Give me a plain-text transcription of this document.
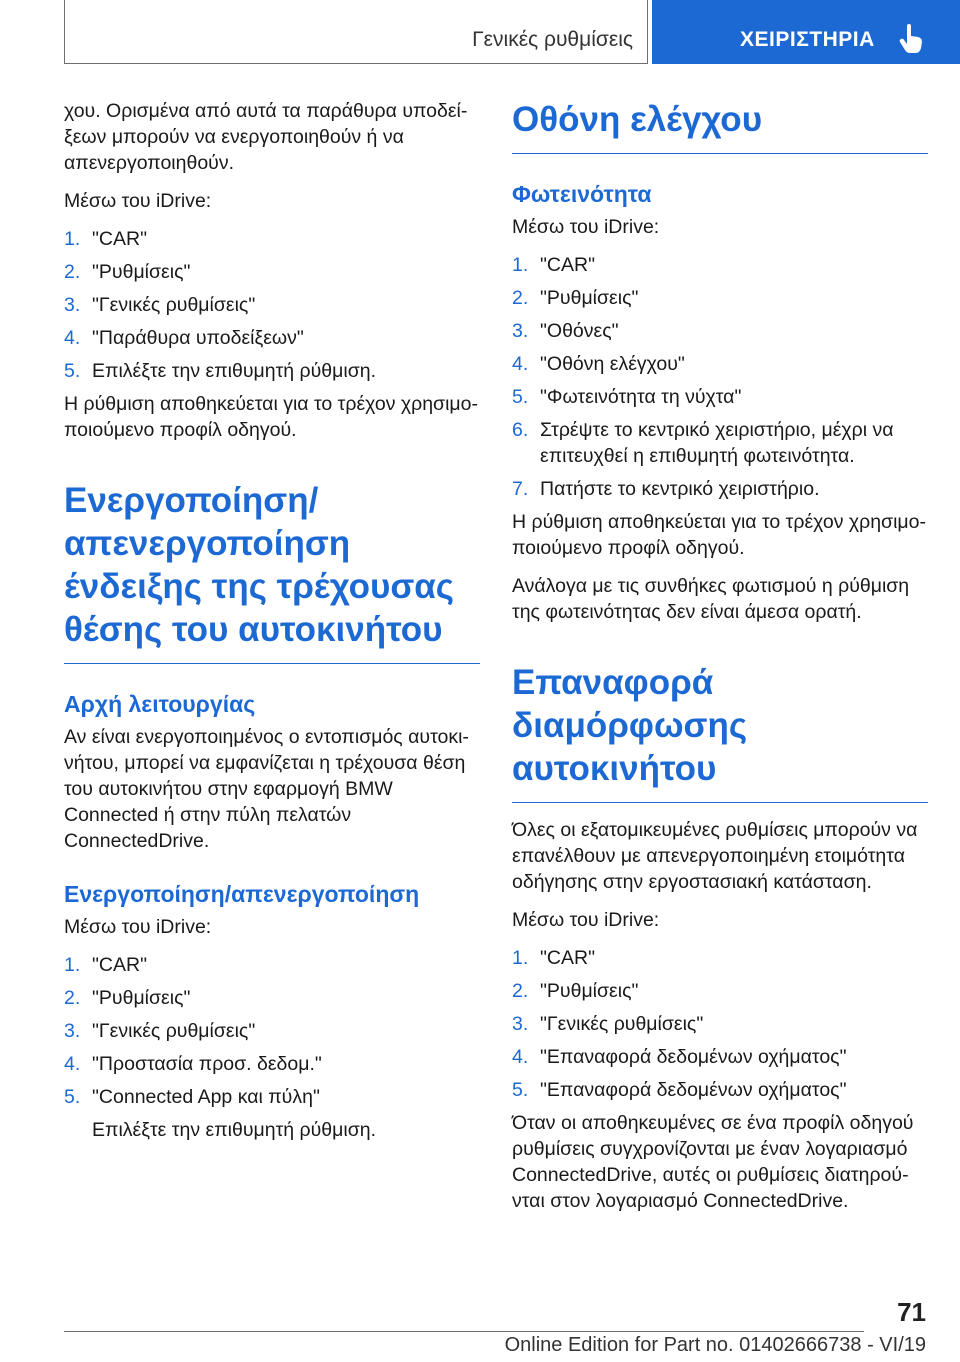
Γενικές ρυθμίσεις	ΧΕΙΡΙΣΤΗΡΙΑ

χου. Ορισμένα από αυτά τα παράθυρα υποδείξεων μπορούν να ενεργοποιηθούν ή να απενεργοποιηθούν.

Μέσω του iDrive:

1. "CAR"
2. "Ρυθμίσεις"
3. "Γενικές ρυθμίσεις"
4. "Παράθυρα υποδείξεων"
5. Επιλέξτε την επιθυμητή ρύθμιση.

Η ρύθμιση αποθηκεύεται για το τρέχον χρησιμοποιούμενο προφίλ οδηγού.

Ενεργοποίηση/ απενεργοποίηση ένδειξης της τρέχουσας θέσης του αυτοκινήτου
Αρχή λειτουργίας

Αν είναι ενεργοποιημένος ο εντοπισμός αυτοκινήτου, μπορεί να εμφανίζεται η τρέχουσα θέση του αυτοκινήτου στην εφαρμογή BMW Connected ή στην πύλη πελατών ConnectedDrive.

Ενεργοποίηση/απενεργοποίηση

Μέσω του iDrive:

1. "CAR"
2. "Ρυθμίσεις"
3. "Γενικές ρυθμίσεις"
4. "Προστασία προσ. δεδομ."
5. "Connected App και πύλη"

Επιλέξτε την επιθυμητή ρύθμιση.

Οθόνη ελέγχου
Φωτεινότητα

Μέσω του iDrive:

1. "CAR"
2. "Ρυθμίσεις"
3. "Οθόνες"
4. "Οθόνη ελέγχου"
5. "Φωτεινότητα τη νύχτα"
6. Στρέψτε το κεντρικό χειριστήριο, μέχρι να επιτευχθεί η επιθυμητή φωτεινότητα.
7. Πατήστε το κεντρικό χειριστήριο.

Η ρύθμιση αποθηκεύεται για το τρέχον χρησιμοποιούμενο προφίλ οδηγού.

Ανάλογα με τις συνθήκες φωτισμού η ρύθμιση της φωτεινότητας δεν είναι άμεσα ορατή.

Επαναφορά διαμόρφωσης αυτοκινήτου

Όλες οι εξατομικευμένες ρυθμίσεις μπορούν να επανέλθουν με απενεργοποιημένη ετοιμότητα οδήγησης στην εργοστασιακή κατάσταση.

Μέσω του iDrive:

1. "CAR"
2. "Ρυθμίσεις"
3. "Γενικές ρυθμίσεις"
4. "Επαναφορά δεδομένων οχήματος"
5. "Επαναφορά δεδομένων οχήματος"

Όταν οι αποθηκευμένες σε ένα προφίλ οδηγού ρυθμίσεις συγχρονίζονται με έναν λογαριασμό ConnectedDrive, αυτές οι ρυθμίσεις διατηρούνται στον λογαριασμό ConnectedDrive.

71
Online Edition for Part no. 01402666738 - VI/19
